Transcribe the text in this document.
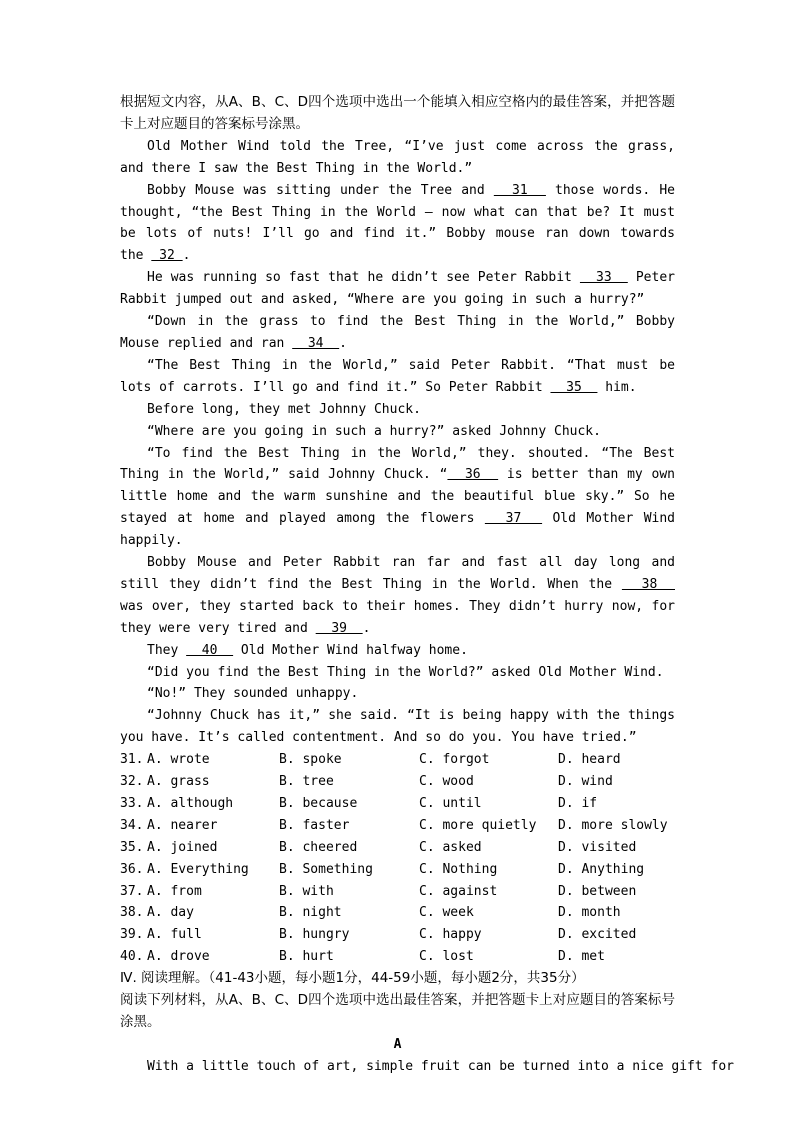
根据短文内容，从A、B、C、D四个选项中选出一个能填入相应空格内的最佳答案，并把答题卡上对应题目的答案标号涂黑。

Old Mother Wind told the Tree, “I’ve just come across the grass, and there I saw the Best Thing in the World.”

Bobby Mouse was sitting under the Tree and   31   those words. He thought, “the Best Thing in the World — now what can that be? It must be lots of nuts! I’ll go and find it.” Bobby mouse ran down towards the  32 .

He was running so fast that he didn’t see Peter Rabbit   33   Peter Rabbit jumped out and asked, “Where are you going in such a hurry?”

“Down in the grass to find the Best Thing in the World,” Bobby Mouse replied and ran   34  .

“The Best Thing in the World,” said Peter Rabbit. “That must be lots of carrots. I’ll go and find it.” So Peter Rabbit   35   him.

Before long, they met Johnny Chuck.

“Where are you going in such a hurry?” asked Johnny Chuck.

“To find the Best Thing in the World,” they. shouted. “The Best Thing in the World,” said Johnny Chuck. “  36   is better than my own little home and the warm sunshine and the beautiful blue sky.” So he stayed at home and played among the flowers   37   Old Mother Wind happily.

Bobby Mouse and Peter Rabbit ran far and fast all day long and still they didn’t find the Best Thing in the World. When the   38   was over, they started back to their homes. They didn’t hurry now, for they were very tired and   39  .

They   40   Old Mother Wind halfway home.

“Did you find the Best Thing in the World?” asked Old Mother Wind.

“No!” They sounded unhappy.

“Johnny Chuck has it,” she said. “It is being happy with the things you have. It’s called contentment. And so do you. You have tried.”

31. A. wrote	B. spoke	C. forgot	D. heard
32. A. grass	B. tree	C. wood	D. wind
33. A. although	B. because	C. until	D. if
34. A. nearer	B. faster	C. more quietly	D. more slowly
35. A. joined	B. cheered	C. asked	D. visited
36. A. Everything	B. Something	C. Nothing	D. Anything
37. A. from	B. with	C. against	D. between
38. A. day	B. night	C. week	D. month
39. A. full	B. hungry	C. happy	D. excited
40. A. drove	B. hurt	C. lost	D. met

Ⅳ. 阅读理解。（41-43小题，每小题1分，44-59小题，每小题2分，共35分）

阅读下列材料，从A、B、C、D四个选项中选出最佳答案，并把答题卡上对应题目的答案标号涂黑。

A

With a little touch of art, simple fruit can be turned into a nice gift for
